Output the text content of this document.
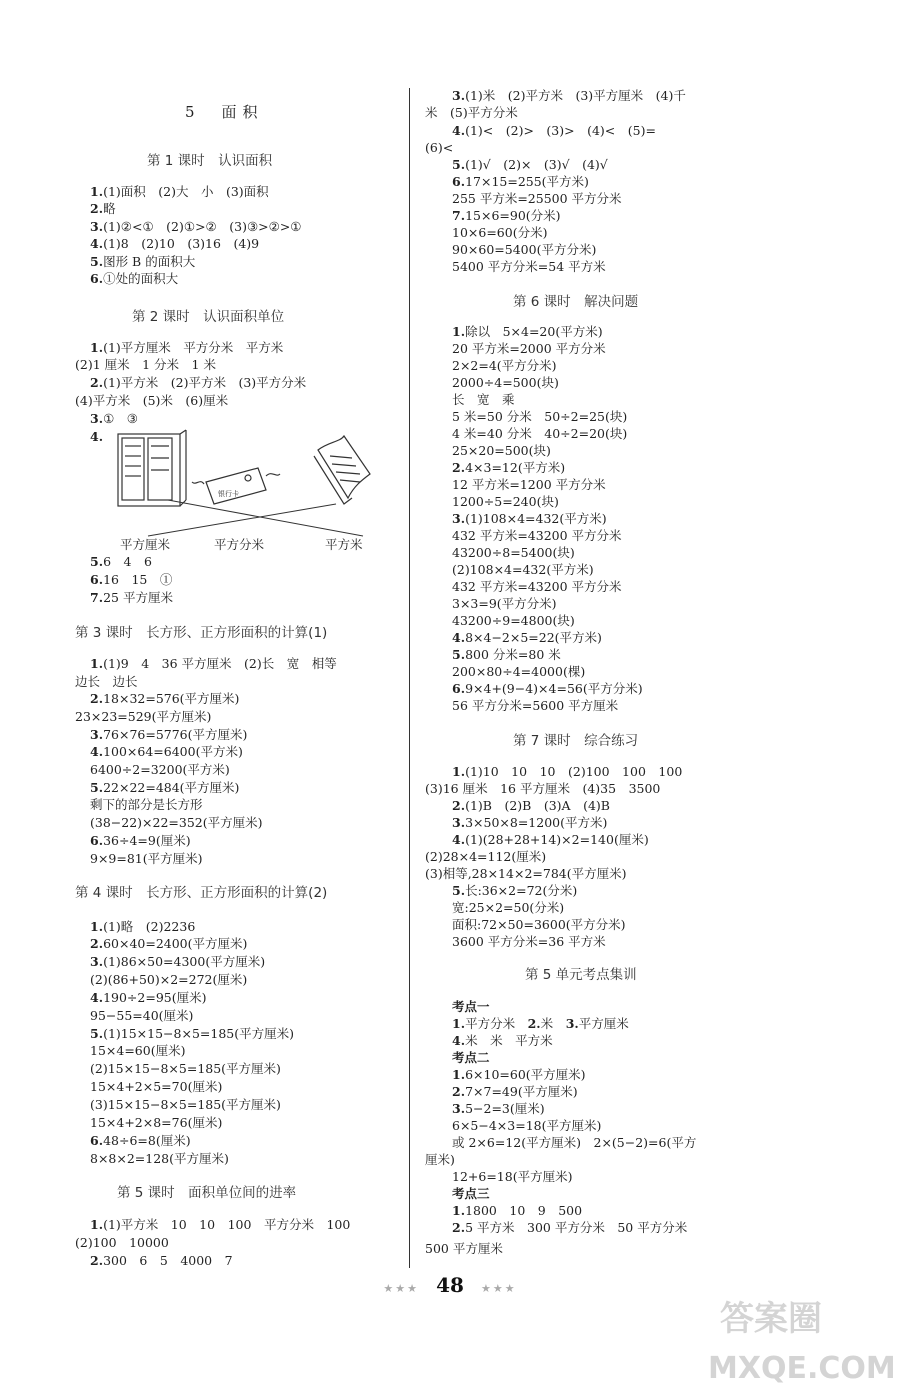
5　面积
第 1 课时　认识面积
1.(1)面积　(2)大　小　(3)面积
2.略
3.(1)②<①　(2)①>②　(3)③>②>①
4.(1)8　(2)10　(3)16　(4)9
5.图形 B 的面积大
6.①处的面积大
第 2 课时　认识面积单位
1.(1)平方厘米　平方分米　平方米
(2)1 厘米　1 分米　1 米
2.(1)平方米　(2)平方米　(3)平方分米
(4)平方米　(5)米　(6)厘米
3.①　③
4.
5.6　4　6
6.16　15　①
7.25 平方厘米
第 3 课时　长方形、正方形面积的计算(1)
1.(1)9　4　36 平方厘米　(2)长　宽　相等
边长　边长
2.18×32=576(平方厘米)
23×23=529(平方厘米)
3.76×76=5776(平方厘米)
4.100×64=6400(平方米)
6400÷2=3200(平方米)
5.22×22=484(平方厘米)
剩下的部分是长方形
(38−22)×22=352(平方厘米)
6.36÷4=9(厘米)
9×9=81(平方厘米)
第 4 课时　长方形、正方形面积的计算(2)
1.(1)略　(2)2236
2.60×40=2400(平方厘米)
3.(1)86×50=4300(平方厘米)
(2)(86+50)×2=272(厘米)
4.190÷2=95(厘米)
95−55=40(厘米)
5.(1)15×15−8×5=185(平方厘米)
15×4=60(厘米)
(2)15×15−8×5=185(平方厘米)
15×4+2×5=70(厘米)
(3)15×15−8×5=185(平方厘米)
15×4+2×8=76(厘米)
6.48÷6=8(厘米)
8×8×2=128(平方厘米)
第 5 课时　面积单位间的进率
1.(1)平方米　10　10　100　平方分米　100
(2)100　10000
2.300　6　5　4000　7
银行卡
平方厘米	平方分米	平方米
3.(1)米　(2)平方米　(3)平方厘米　(4)千
米　(5)平方分米
4.(1)<　(2)>　(3)>　(4)<　(5)=
(6)<
5.(1)√　(2)×　(3)√　(4)√
6.17×15=255(平方米)
255 平方米=25500 平方分米
7.15×6=90(分米)
10×6=60(分米)
90×60=5400(平方分米)
5400 平方分米=54 平方米
第 6 课时　解决问题
1.除以　5×4=20(平方米)
20 平方米=2000 平方分米
2×2=4(平方分米)
2000÷4=500(块)
长　宽　乘
5 米=50 分米　50÷2=25(块)
4 米=40 分米　40÷2=20(块)
25×20=500(块)
2.4×3=12(平方米)
12 平方米=1200 平方分米
1200÷5=240(块)
3.(1)108×4=432(平方米)
432 平方米=43200 平方分米
43200÷8=5400(块)
(2)108×4=432(平方米)
432 平方米=43200 平方分米
3×3=9(平方分米)
43200÷9=4800(块)
4.8×4−2×5=22(平方米)
5.800 分米=80 米
200×80÷4=4000(棵)
6.9×4+(9−4)×4=56(平方分米)
56 平方分米=5600 平方厘米
第 7 课时　综合练习
1.(1)10　10　10　(2)100　100　100
(3)16 厘米　16 平方厘米　(4)35　3500
2.(1)B　(2)B　(3)A　(4)B
3.3×50×8=1200(平方米)
4.(1)(28+28+14)×2=140(厘米)
(2)28×4=112(厘米)
(3)相等,28×14×2=784(平方厘米)
5.长:36×2=72(分米)
宽:25×2=50(分米)
面积:72×50=3600(平方分米)
3600 平方分米=36 平方米
第 5 单元考点集训
考点一
1.平方分米　 2.米　 3.平方厘米
4.米　米　平方米
考点二
1.6×10=60(平方厘米)
2.7×7=49(平方厘米)
3.5−2=3(厘米)
6×5−4×3=18(平方厘米)
或 2×6=12(平方厘米)　2×(5−2)=6(平方
厘米)
12+6=18(平方厘米)
考点三
1.1800　10　9　500
2.5 平方米　300 平方分米　50 平方分米
500 平方厘米
★★★ 48 ★★★
答案圈
MXQE.COM
